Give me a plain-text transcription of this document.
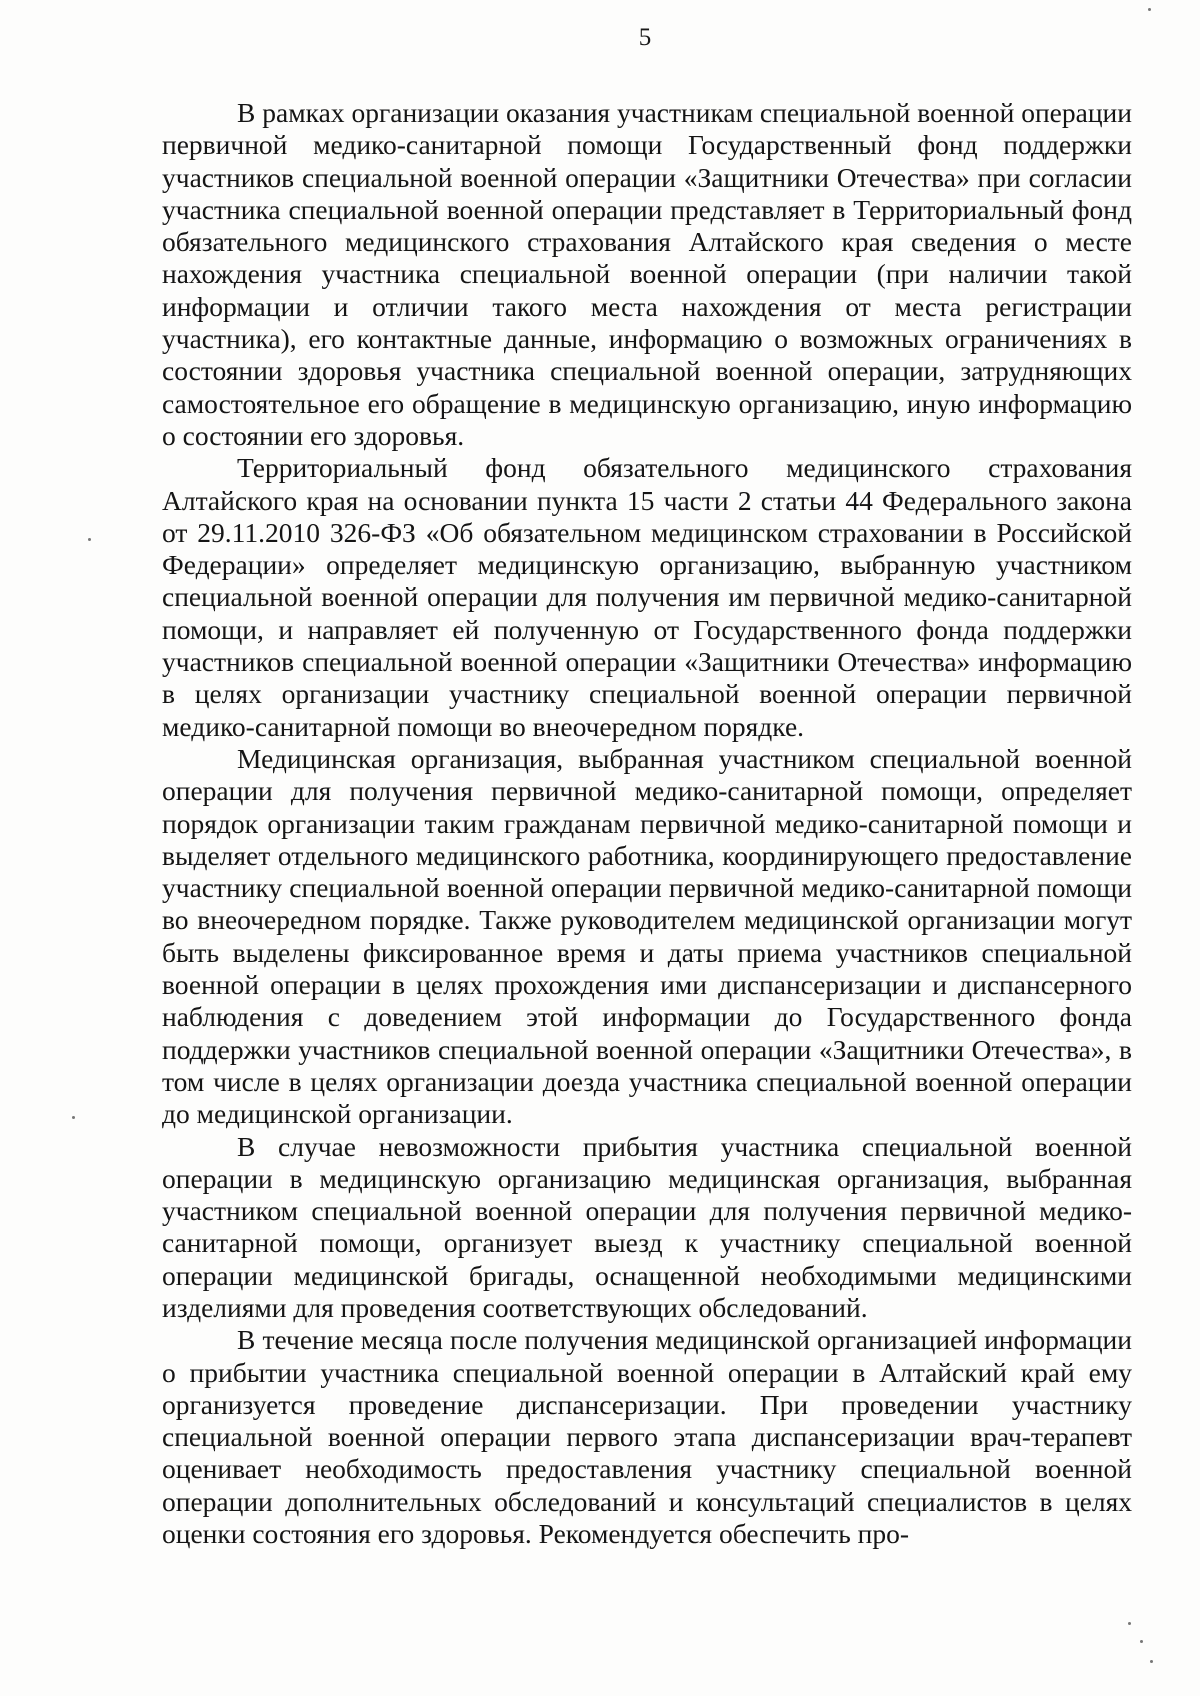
5

В рамках организации оказания участникам специальной военной операции первичной медико-санитарной помощи Государственный фонд поддержки участников специальной военной операции «Защитники Отечества» при согласии участника специальной военной операции представляет в Территориальный фонд обязательного медицинского страхования Алтайского края сведения о месте нахождения участника специальной военной операции (при наличии такой информации и отличии такого места нахождения от места регистрации участника), его контактные данные, информацию о возможных ограничениях в состоянии здоровья участника специальной военной операции, затрудняющих самостоятельное его обращение в медицинскую организацию, иную информацию о состоянии его здоровья.

Территориальный фонд обязательного медицинского страхования Алтайского края на основании пункта 15 части 2 статьи 44 Федерального закона от 29.11.2010 326-ФЗ «Об обязательном медицинском страховании в Российской Федерации» определяет медицинскую организацию, выбранную участником специальной военной операции для получения им первичной медико-санитарной помощи, и направляет ей полученную от Государственного фонда поддержки участников специальной военной операции «Защитники Отечества» информацию в целях организации участнику специальной военной операции первичной медико-санитарной помощи во внеочередном порядке.

Медицинская организация, выбранная участником специальной военной операции для получения первичной медико-санитарной помощи, определяет порядок организации таким гражданам первичной медико-санитарной помощи и выделяет отдельного медицинского работника, координирующего предоставление участнику специальной военной операции первичной медико-санитарной помощи во внеочередном порядке. Также руководителем медицинской организации могут быть выделены фиксированное время и даты приема участников специальной военной операции в целях прохождения ими диспансеризации и диспансерного наблюдения с доведением этой информации до Государственного фонда поддержки участников специальной военной операции «Защитники Отечества», в том числе в целях организации доезда участника специальной военной операции до медицинской организации.

В случае невозможности прибытия участника специальной военной операции в медицинскую организацию медицинская организация, выбранная участником специальной военной операции для получения первичной медико-санитарной помощи, организует выезд к участнику специальной военной операции медицинской бригады, оснащенной необходимыми медицинскими изделиями для проведения соответствующих обследований.

В течение месяца после получения медицинской организацией информации о прибытии участника специальной военной операции в Алтайский край ему организуется проведение диспансеризации. При проведении участнику специальной военной операции первого этапа диспансеризации врач-терапевт оценивает необходимость предоставления участнику специальной военной операции дополнительных обследований и консультаций специалистов в целях оценки состояния его здоровья. Рекомендуется обеспечить про-
